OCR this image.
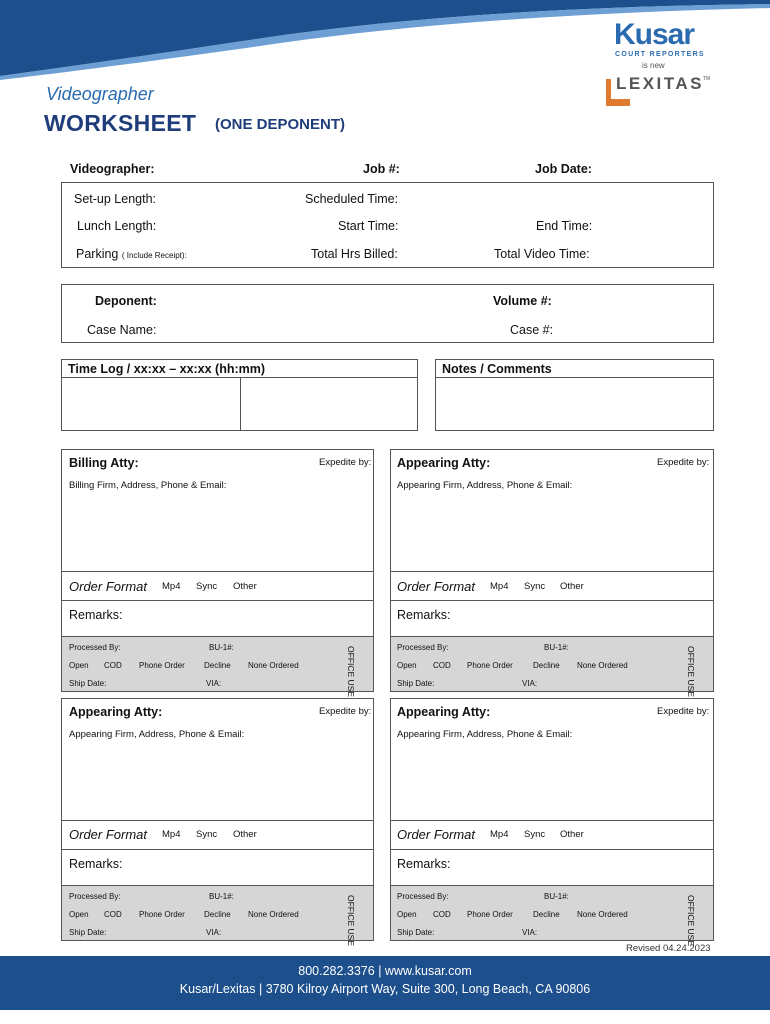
Kusar
COURT REPORTERS
is new
LEXITAS
TM
Videographer
WORKSHEET (ONE DEPONENT)
Videographer:	Job #:	Job Date:
Set-up Length:	Scheduled Time:
Lunch Length:	Start Time:	End Time:
Parking ( Include Receipt):	Total Hrs Billed:	Total Video Time:
Deponent:	Volume #:
Case Name:	Case #:
Time Log / xx:xx – xx:xx (hh:mm)	Notes / Comments
Billing Atty:	Expedite by:
Billing Firm, Address, Phone & Email:
Order Format Mp4 Sync Other
Remarks:
Processed By:	BU-1#:
Open COD Phone Order Decline None Ordered
Ship Date:	VIA:	OFFICE USE
Appearing Atty:	Expedite by:
Appearing Firm, Address, Phone & Email:
Order Format Mp4 Sync Other
Remarks:
Processed By:	BU-1#:
Open COD Phone Order	Decline None Ordered
Ship Date:	VIA:	OFFICE USE
Appearing Atty:	Expedite by:
Appearing Firm, Address, Phone & Email:
Order Format Mp4 Sync Other
Remarks:
Processed By:	BU-1#:
Open COD Phone Order Decline None Ordered
Ship Date:	VIA:	OFFICE USE
Appearing Atty:	Expedite by:
Appearing Firm, Address, Phone & Email:
Order Format Mp4 Sync Other
Remarks:
Processed By:	BU-1#:
Open COD Phone Order	Decline None Ordered
Ship Date:	VIA:	OFFICE USE
Revised 04.24.2023
800.282.3376 | www.kusar.com
Kusar/Lexitas | 3780 Kilroy Airport Way, Suite 300, Long Beach, CA 90806
